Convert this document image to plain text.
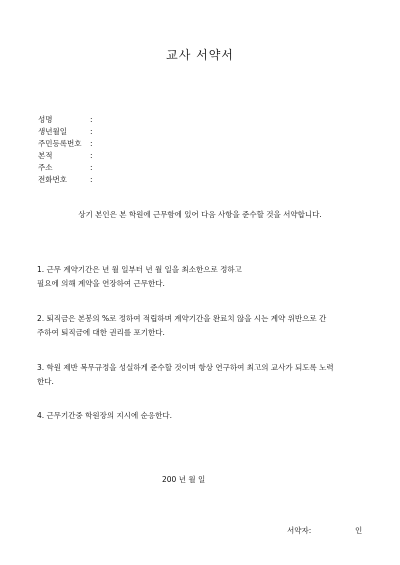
교사 서약서
성명	:
생년월일	:
주민등록번호 :
본적	:
주소	:
전화번호	:
상기 본인은 본 학원에 근무함에 있어 다음 사항을 준수할 것을 서약합니다.
1. 근무 계약기간은 년 월 일부터 년 월 일을 최소한으로 정하고
필요에 의해 계약을 연장하여 근무한다.
2. 퇴직금은 본봉의 %로 정하여 적립하며 계약기간을 완료치 않을 시는 계약 위반으로 간
주하여 퇴직금에 대한 권리를 포기한다.
3. 학원 제반 복무규정을 성실하게 준수할 것이며 항상 연구하여 최고의 교사가 되도록 노력
한다.
4. 근무기간중 학원장의 지시에 순응한다.
200 년 월 일
서약자:	인
